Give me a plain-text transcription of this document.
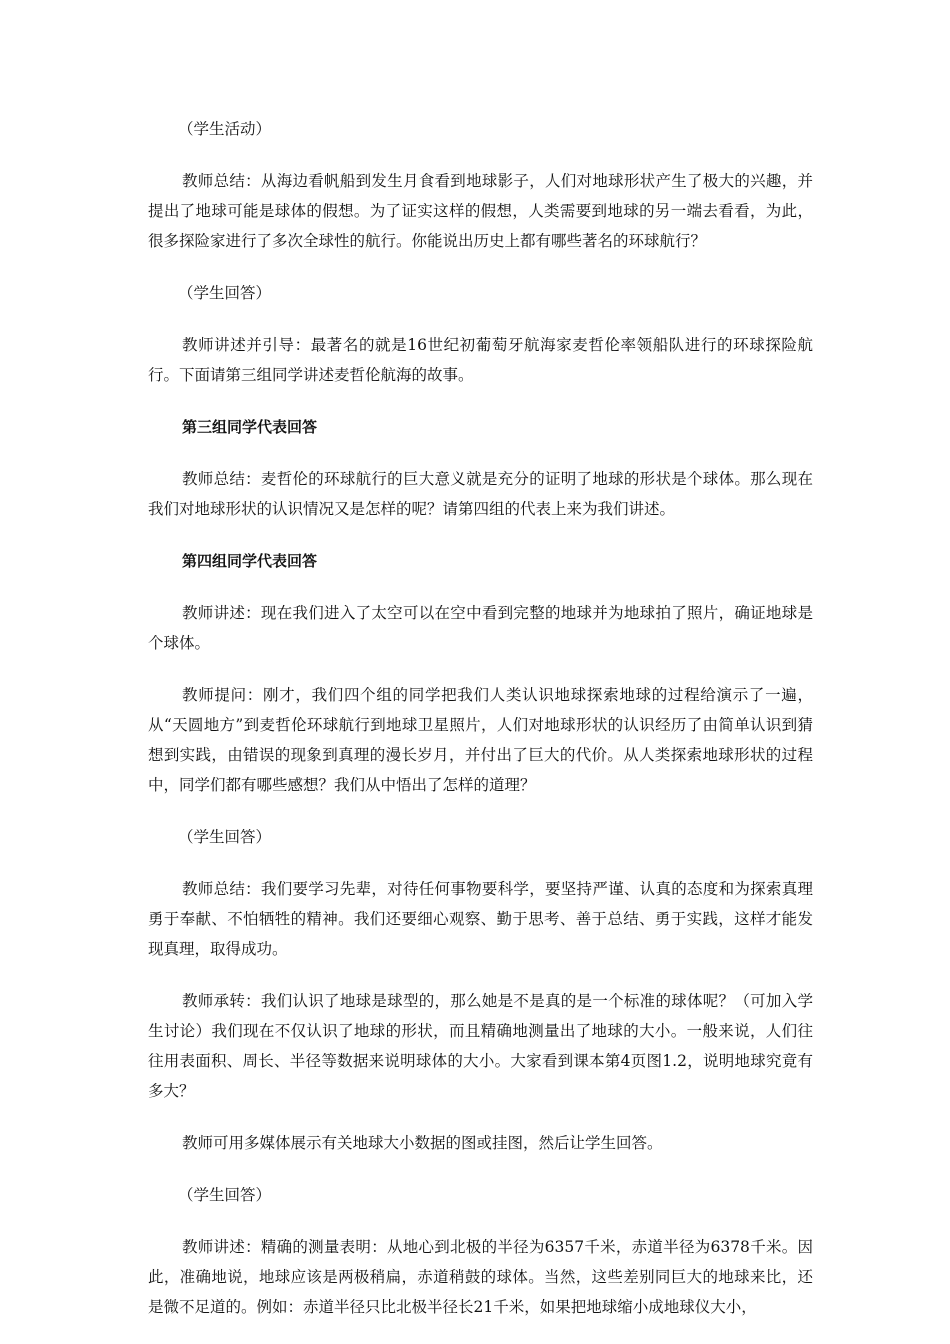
（学生活动）

教师总结：从海边看帆船到发生月食看到地球影子，人们对地球形状产生了极大的兴趣，并提出了地球可能是球体的假想。为了证实这样的假想，人类需要到地球的另一端去看看，为此，很多探险家进行了多次全球性的航行。你能说出历史上都有哪些著名的环球航行？

（学生回答）

教师讲述并引导：最著名的就是16世纪初葡萄牙航海家麦哲伦率领船队进行的环球探险航行。下面请第三组同学讲述麦哲伦航海的故事。

第三组同学代表回答

教师总结：麦哲伦的环球航行的巨大意义就是充分的证明了地球的形状是个球体。那么现在我们对地球形状的认识情况又是怎样的呢？请第四组的代表上来为我们讲述。

第四组同学代表回答

教师讲述：现在我们进入了太空可以在空中看到完整的地球并为地球拍了照片，确证地球是个球体。

教师提问：刚才，我们四个组的同学把我们人类认识地球探索地球的过程给演示了一遍，从“天圆地方”到麦哲伦环球航行到地球卫星照片，人们对地球形状的认识经历了由简单认识到猜想到实践，由错误的现象到真理的漫长岁月，并付出了巨大的代价。从人类探索地球形状的过程中，同学们都有哪些感想？我们从中悟出了怎样的道理？

（学生回答）

教师总结：我们要学习先辈，对待任何事物要科学，要坚持严谨、认真的态度和为探索真理勇于奉献、不怕牺牲的精神。我们还要细心观察、勤于思考、善于总结、勇于实践，这样才能发现真理，取得成功。

教师承转：我们认识了地球是球型的，那么她是不是真的是一个标准的球体呢？（可加入学生讨论）我们现在不仅认识了地球的形状，而且精确地测量出了地球的大小。一般来说，人们往往用表面积、周长、半径等数据来说明球体的大小。大家看到课本第4页图1.2，说明地球究竟有多大？

教师可用多媒体展示有关地球大小数据的图或挂图，然后让学生回答。

（学生回答）

教师讲述：精确的测量表明：从地心到北极的半径为6357千米，赤道半径为6378千米。因此，准确地说，地球应该是两极稍扁，赤道稍鼓的球体。当然，这些差别同巨大的地球来比，还是微不足道的。例如：赤道半径只比北极半径长21千米，如果把地球缩小成地球仪大小，
